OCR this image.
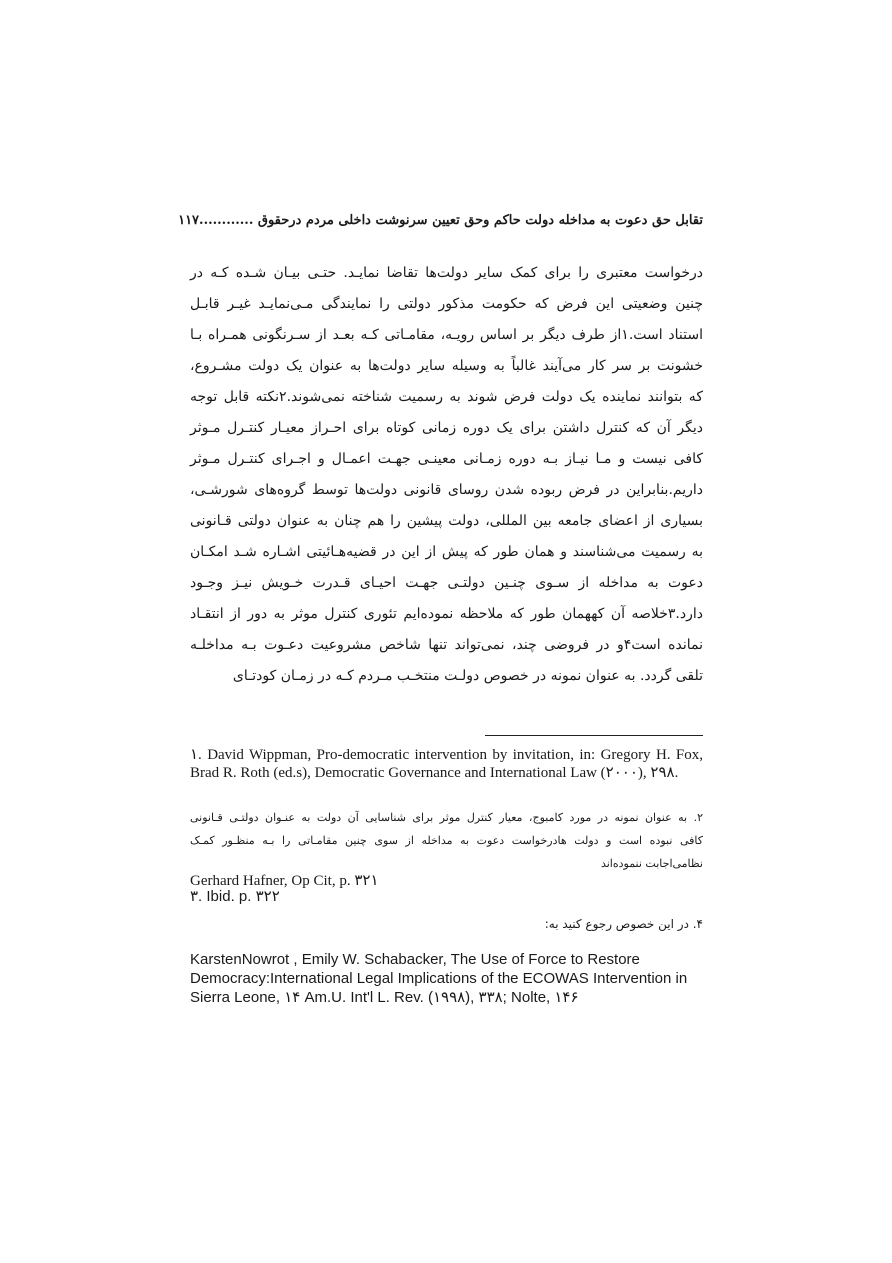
تقابل حق دعوت به مداخله دولت حاکم وحق تعیین سرنوشت داخلی مردم درحقوق ............۱۱۷
درخواست معتبری را برای کمک سایر دولت‌ها تقاضا نمایـد. حتـی بیـان شـده کـه در
چنین وضعیتی این فرض که حکومت مذکور دولتی را نمایندگی مـی‌نمایـد غیـر قابـل
استناد است.۱از طرف دیگر بر اساس رویـه، مقامـاتی کـه بعـد از سـرنگونی همـراه بـا
خشونت بر سر کار می‌آیند غالباً به وسیله سایر دولت‌ها به عنوان یک دولت مشـروع،
که بتوانند نماینده یک دولت فرض شوند به رسمیت شناخته نمی‌شوند.۲نکته قابل توجه
دیگر آن که کنترل داشتن برای یک دوره زمانی کوتاه برای احـراز معیـار کنتـرل مـوثر
کافی نیست و مـا نیـاز بـه دوره زمـانی معینـی جهـت اعمـال و اجـرای کنتـرل مـوثر
داریم.بنابراین در فرض ربوده شدن روسای قانونی دولت‌ها توسط گروه‌های شورشـی،
بسیاری از اعضای جامعه بین المللی، دولت پیشین را هم چنان به عنوان دولتی قـانونی
به رسمیت می‌شناسند و همان طور که پیش از این در قضیه‌هـائیتی اشـاره شـد امکـان
دعوت به مداخله از سـوی چنـین دولتـی جهـت احیـای قـدرت خـویش نیـز وجـود
دارد.۳خلاصه آن کههمان طور که ملاحظه نموده‌ایم تئوری کنترل موثر به دور از انتقـاد
نمانده است۴و در فروضی چند، نمی‌تواند تنها شاخص مشروعیت دعـوت بـه مداخلـه
تلقی گردد. به عنوان نمونه در خصوص دولـت منتخـب مـردم کـه در زمـان کودتـای
۱. David Wippman, Pro-democratic intervention by invitation, in: Gregory H. Fox, Brad R. Roth (ed.s), Democratic Governance and International Law (۲۰۰۰), ۲۹۸.
۲. به عنوان نمونه در مورد کامبوج، معیار کنترل موثر برای شناسایی آن دولت به عنـوان دولتـی قـانونی
کافی نبوده است و دولت هادرخواست دعوت به مداخله از سوی چنین مقامـاتی را بـه منظـور کمـک
نظامی‌اجابت ننموده‌اند
Gerhard Hafner, Op Cit, p. ۳۲۱
۳. Ibid. p. ۳۲۲
۴. در این خصوص رجوع کنید به:
KarstenNowrot , Emily W. Schabacker, The Use of Force to Restore Democracy:International Legal Implications of the ECOWAS Intervention in Sierra Leone, ۱۴ Am.U. Int'l L. Rev. (۱۹۹۸), ۳۳۸; Nolte, ۱۴۶
